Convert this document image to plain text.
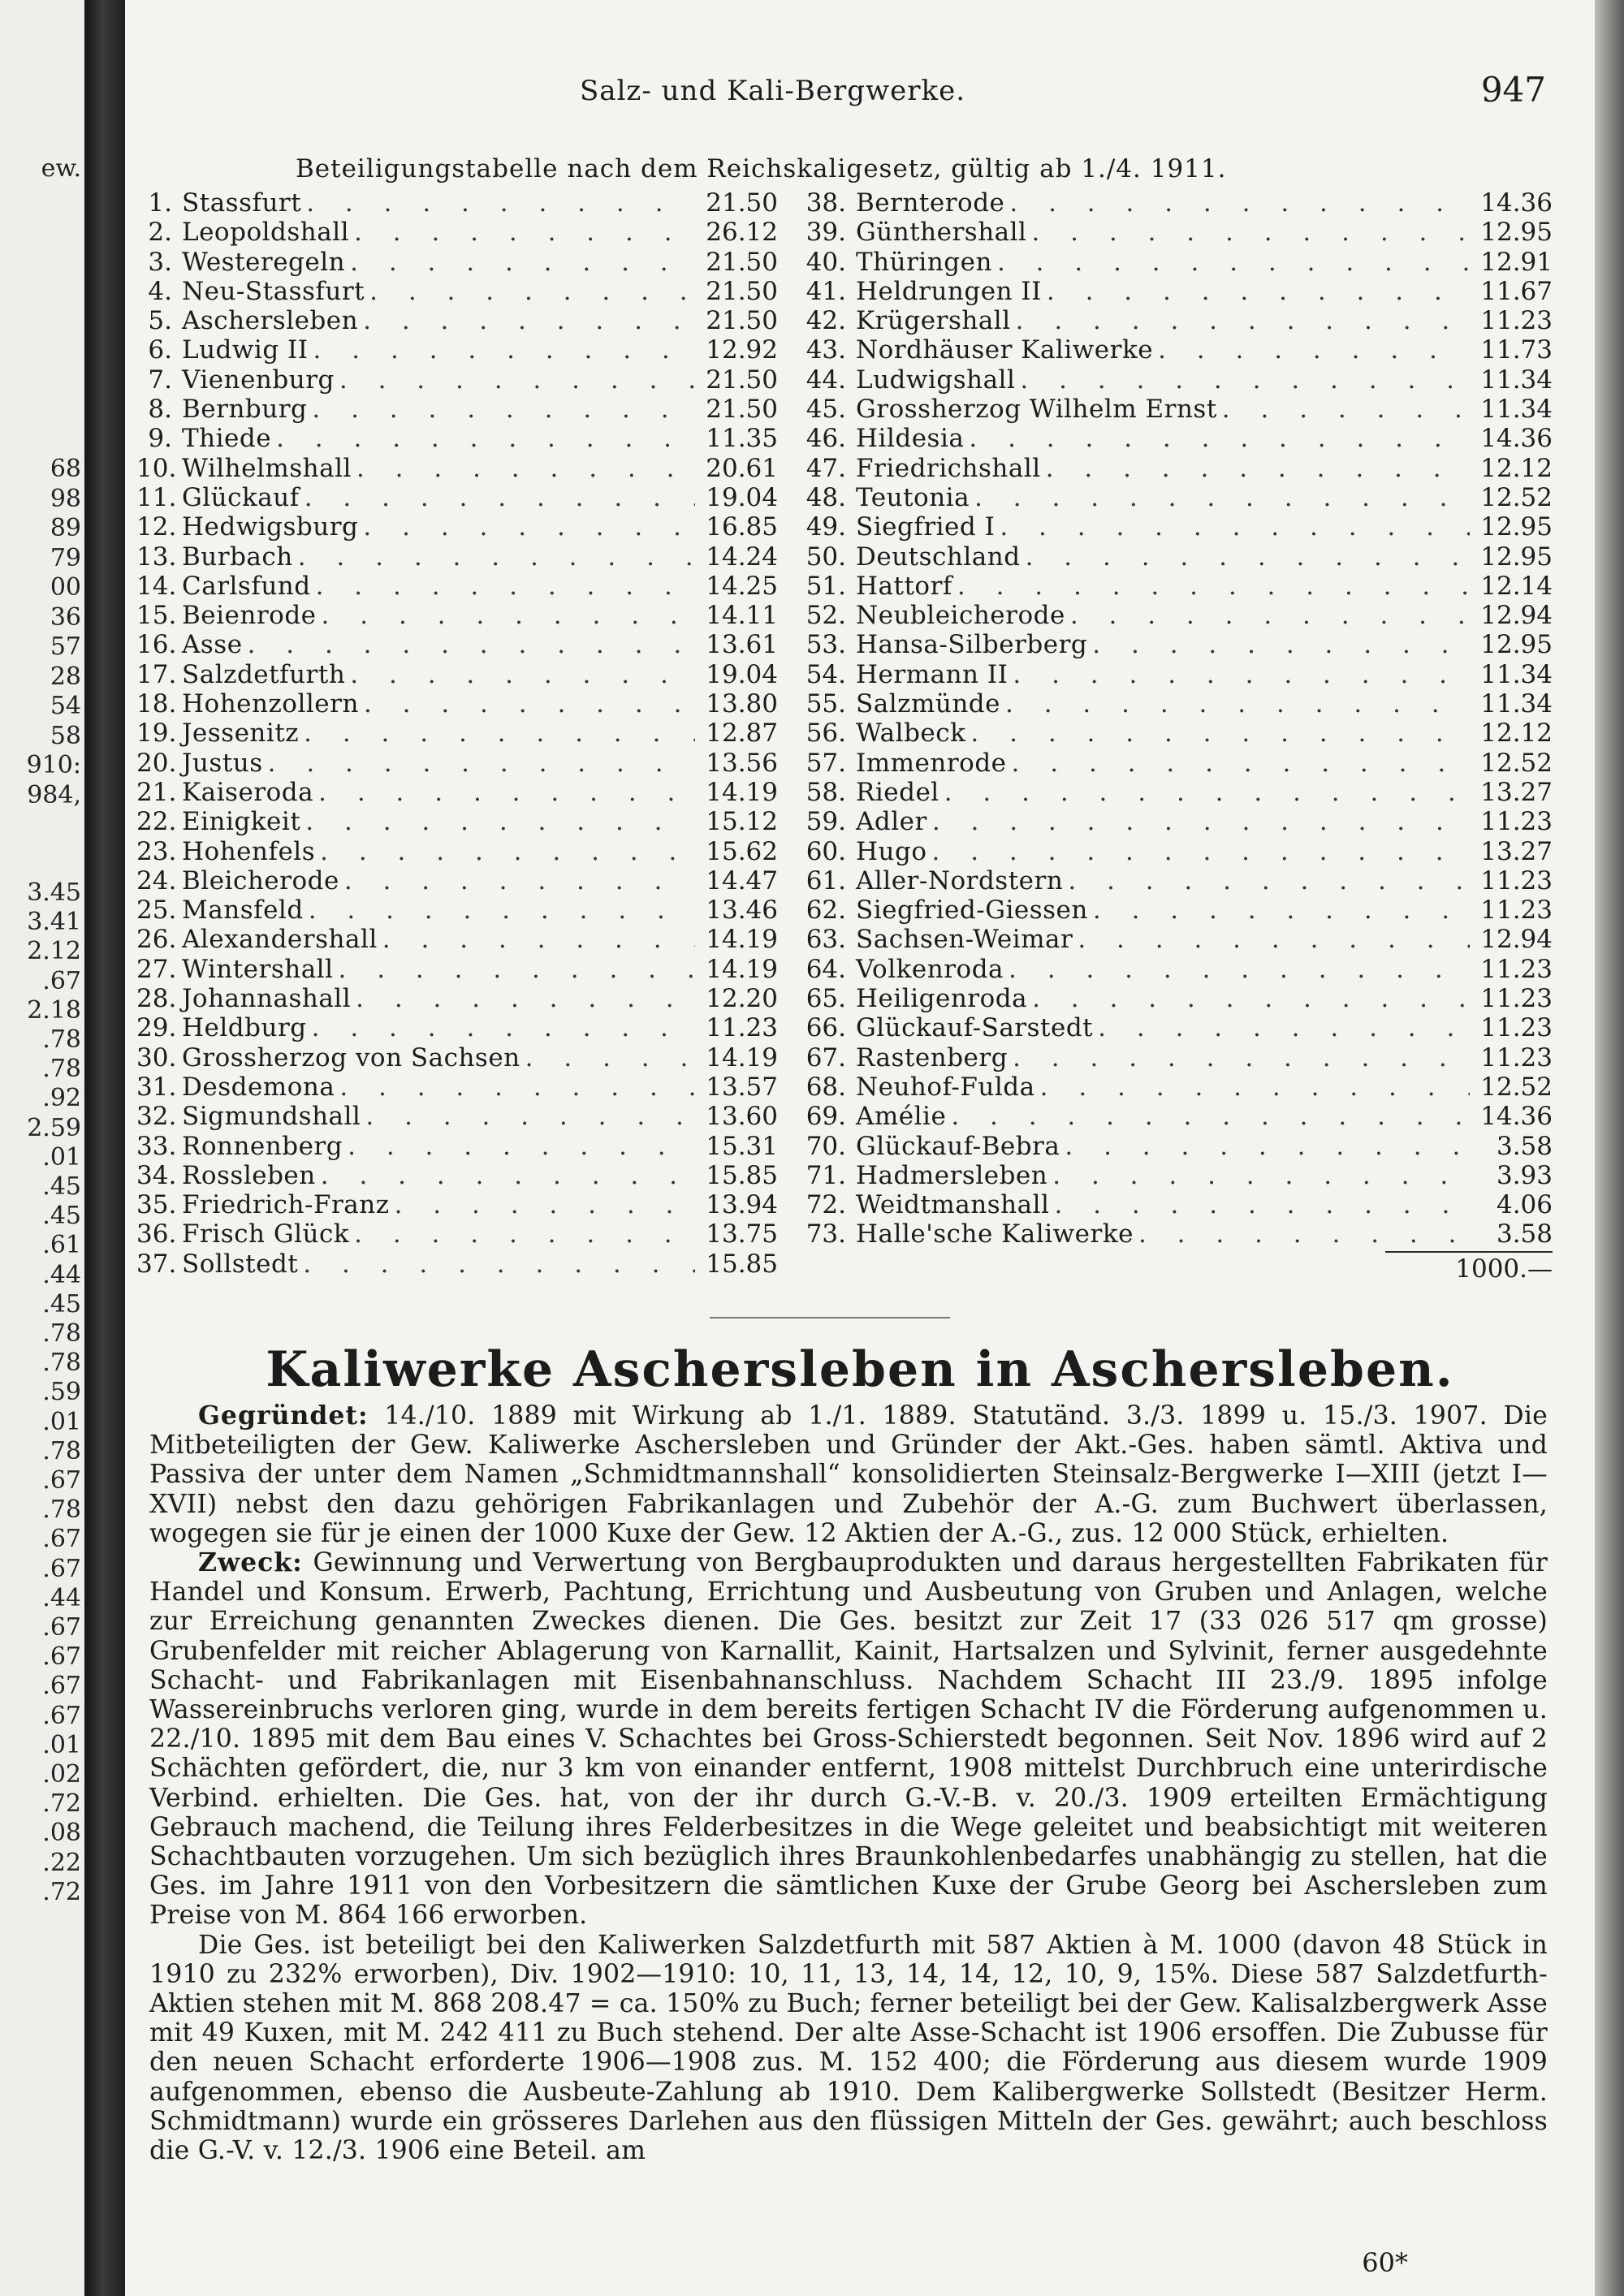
ew.
68
98
89
79
00
36
57
28
54
58
910:
984,
3.45
3.41
2.12
.67
2.18
.78
.78
.92
2.59
.01
.45
.45
.61
.44
.45
.78
.78
.59
.01
.78
.67
.78
.67
.67
.44
.67
.67
.67
.67
.01
.02
.72
.08
.22
.72
Salz- und Kali-Bergwerke.	947
Beteiligungstabelle nach dem Reichskaligesetz, gültig ab 1./4. 1911.
1. Stassfurt . . .	21.50
2. Leopoldshall . . .	26.12
3. Westeregeln . . .	21.50
4. Neu-Stassfurt . . .	21.50
5. Aschersleben . . .	21.50
6. Ludwig II . . .	12.92
7. Vienenburg . . .	21.50
8. Bernburg . . .	21.50
9. Thiede . . .	11.35
10. Wilhelmshall . . .	20.61
11. Glückauf . . .	19.04
12. Hedwigsburg . . .	16.85
13. Burbach . . .	14.24
14. Carlsfund . . .	14.25
15. Beienrode . . .	14.11
16. Asse . . .	13.61
17. Salzdetfurth . . .	19.04
18. Hohenzollern . . .	13.80
19. Jessenitz . . .	12.87
20. Justus . . .	13.56
21. Kaiseroda . . .	14.19
22. Einigkeit . . .	15.12
23. Hohenfels . . .	15.62
24. Bleicherode . . .	14.47
25. Mansfeld . . .	13.46
26. Alexandershall . . .	14.19
27. Wintershall . . .	14.19
28. Johannashall . . .	12.20
29. Heldburg . . .	11.23
30. Grossherzog von Sachsen . . .	14.19
31. Desdemona . . .	13.57
32. Sigmundshall . . .	13.60
33. Ronnenberg . . .	15.31
34. Rossleben . . .	15.85
35. Friedrich-Franz . . .	13.94
36. Frisch Glück . . .	13.75
37. Sollstedt . . .	15.85
38. Bernterode . . .	14.36
39. Günthershall . . .	12.95
40. Thüringen . . .	12.91
41. Heldrungen II . . .	11.67
42. Krügershall . . .	11.23
43. Nordhäuser Kaliwerke . . .	11.73
44. Ludwigshall . . .	11.34
45. Grossherzog Wilhelm Ernst . . .	11.34
46. Hildesia . . .	14.36
47. Friedrichshall . . .	12.12
48. Teutonia . . .	12.52
49. Siegfried I . . .	12.95
50. Deutschland . . .	12.95
51. Hattorf . . .	12.14
52. Neubleicherode . . .	12.94
53. Hansa-Silberberg . . .	12.95
54. Hermann II . . .	11.34
55. Salzmünde . . .	11.34
56. Walbeck . . .	12.12
57. Immenrode . . .	12.52
58. Riedel . . .	13.27
59. Adler . . .	11.23
60. Hugo . . .	13.27
61. Aller-Nordstern . . .	11.23
62. Siegfried-Giessen . . .	11.23
63. Sachsen-Weimar . . .	12.94
64. Volkenroda . . .	11.23
65. Heiligenroda . . .	11.23
66. Glückauf-Sarstedt . . .	11.23
67. Rastenberg . . .	11.23
68. Neuhof-Fulda . . .	12.52
69. Amélie . . .	14.36
70. Glückauf-Bebra . . .	3.58
71. Hadmersleben . . .	3.93
72. Weidtmanshall . . .	4.06
73. Halle'sche Kaliwerke . . .	3.58
1000.—
Kaliwerke Aschersleben in Aschersleben.

Gegründet: 14./10. 1889 mit Wirkung ab 1./1. 1889. Statutänd. 3./3. 1899 u. 15./3. 1907. Die Mitbeteiligten der Gew. Kaliwerke Aschersleben und Gründer der Akt.-Ges. haben sämtl. Aktiva und Passiva der unter dem Namen „Schmidtmannshall“ konsolidierten Steinsalz-Bergwerke I—XIII (jetzt I—XVII) nebst den dazu gehörigen Fabrikanlagen und Zubehör der A.-G. zum Buchwert überlassen, wogegen sie für je einen der 1000 Kuxe der Gew. 12 Aktien der A.-G., zus. 12 000 Stück, erhielten.

Zweck: Gewinnung und Verwertung von Bergbauprodukten und daraus hergestellten Fabrikaten für Handel und Konsum. Erwerb, Pachtung, Errichtung und Ausbeutung von Gruben und Anlagen, welche zur Erreichung genannten Zweckes dienen. Die Ges. besitzt zur Zeit 17 (33 026 517 qm grosse) Grubenfelder mit reicher Ablagerung von Karnallit, Kainit, Hartsalzen und Sylvinit, ferner ausgedehnte Schacht- und Fabrikanlagen mit Eisenbahnanschluss. Nachdem Schacht III 23./9. 1895 infolge Wassereinbruchs verloren ging, wurde in dem bereits fertigen Schacht IV die Förderung aufgenommen u. 22./10. 1895 mit dem Bau eines V. Schachtes bei Gross-Schierstedt begonnen. Seit Nov. 1896 wird auf 2 Schächten gefördert, die, nur 3 km von einander entfernt, 1908 mittelst Durchbruch eine unterirdische Verbind. erhielten. Die Ges. hat, von der ihr durch G.-V.-B. v. 20./3. 1909 erteilten Ermächtigung Gebrauch machend, die Teilung ihres Felderbesitzes in die Wege geleitet und beabsichtigt mit weiteren Schachtbauten vorzugehen. Um sich bezüglich ihres Braunkohlenbedarfes unabhängig zu stellen, hat die Ges. im Jahre 1911 von den Vorbesitzern die sämtlichen Kuxe der Grube Georg bei Aschersleben zum Preise von M. 864 166 erworben.

Die Ges. ist beteiligt bei den Kaliwerken Salzdetfurth mit 587 Aktien à M. 1000 (davon 48 Stück in 1910 zu 232% erworben), Div. 1902—1910: 10, 11, 13, 14, 14, 12, 10, 9, 15%. Diese 587 Salzdetfurth-Aktien stehen mit M. 868 208.47 = ca. 150% zu Buch; ferner beteiligt bei der Gew. Kalisalzbergwerk Asse mit 49 Kuxen, mit M. 242 411 zu Buch stehend. Der alte Asse-Schacht ist 1906 ersoffen. Die Zubusse für den neuen Schacht erforderte 1906—1908 zus. M. 152 400; die Förderung aus diesem wurde 1909 aufgenommen, ebenso die Ausbeute-Zahlung ab 1910. Dem Kalibergwerke Sollstedt (Besitzer Herm. Schmidtmann) wurde ein grösseres Darlehen aus den flüssigen Mitteln der Ges. gewährt; auch beschloss die G.-V. v. 12./3. 1906 eine Beteil. am

60*
